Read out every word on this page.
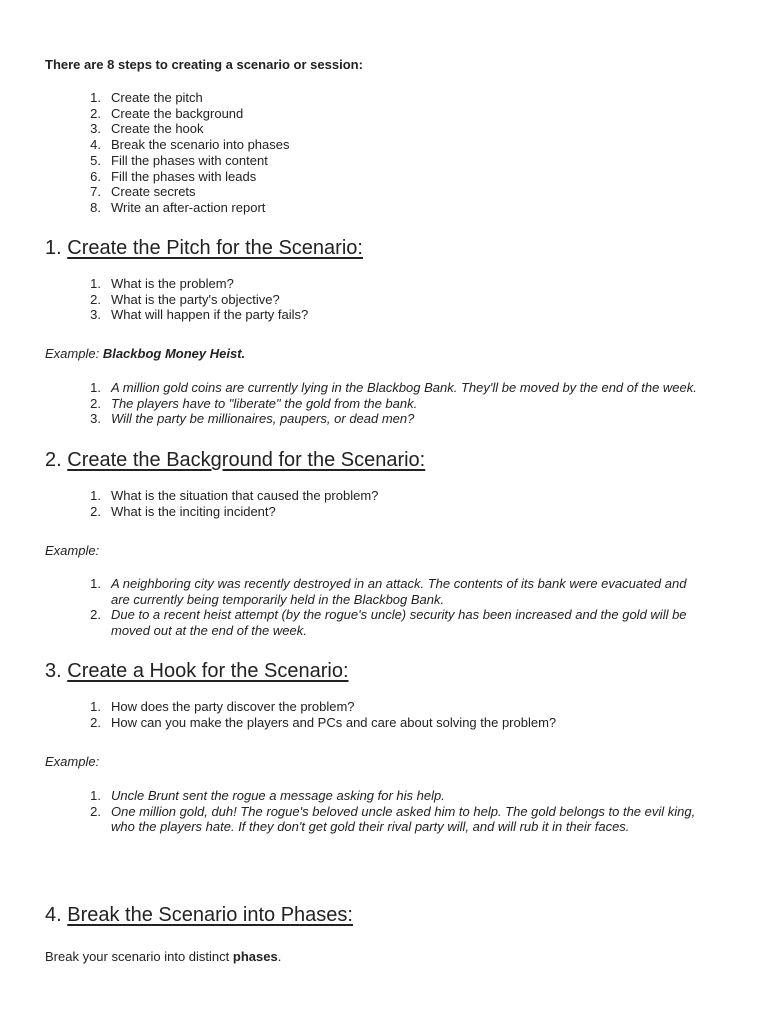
There are 8 steps to creating a scenario or session:
1. Create the pitch
2. Create the background
3. Create the hook
4. Break the scenario into phases
5. Fill the phases with content
6. Fill the phases with leads
7. Create secrets
8. Write an after-action report
1. Create the Pitch for the Scenario:
1. What is the problem?
2. What is the party's objective?
3. What will happen if the party fails?
Example: Blackbog Money Heist.
1. A million gold coins are currently lying in the Blackbog Bank. They'll be moved by the end of the week.
2. The players have to "liberate" the gold from the bank.
3. Will the party be millionaires, paupers, or dead men?
2. Create the Background for the Scenario:
1. What is the situation that caused the problem?
2. What is the inciting incident?
Example:
1. A neighboring city was recently destroyed in an attack. The contents of its bank were evacuated and
are currently being temporarily held in the Blackbog Bank.
2. Due to a recent heist attempt (by the rogue's uncle) security has been increased and the gold will be
moved out at the end of the week.
3. Create a Hook for the Scenario:
1. How does the party discover the problem?
2. How can you make the players and PCs and care about solving the problem?
Example:
1. Uncle Brunt sent the rogue a message asking for his help.
2. One million gold, duh! The rogue's beloved uncle asked him to help. The gold belongs to the evil king,
who the players hate. If they don't get gold their rival party will, and will rub it in their faces.
4. Break the Scenario into Phases:
Break your scenario into distinct phases.
